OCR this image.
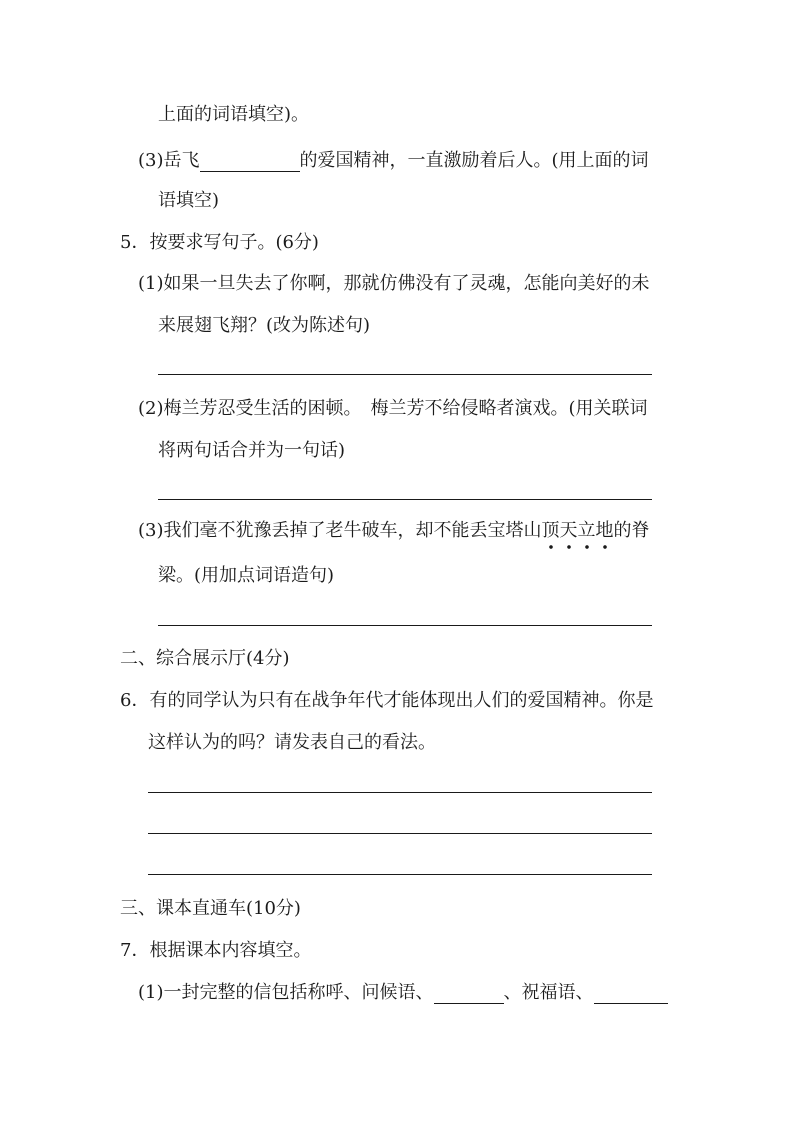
上面的词语填空)。
(3)岳飞	的爱国精神，一直激励着后人。(用上面的词
语填空)
5．按要求写句子。(6分)
(1)如果一旦失去了你啊，那就仿佛没有了灵魂，怎能向美好的未
来展翅飞翔？(改为陈述句)
(2)梅兰芳忍受生活的困顿。　梅兰芳不给侵略者演戏。(用关联词
将两句话合并为一句话)
(3)我们毫不犹豫丢掉了老牛破车，却不能丢宝塔山顶天立地的脊
梁。(用加点词语造句)
二、综合展示厅(4分)
6．有的同学认为只有在战争年代才能体现出人们的爱国精神。你是
这样认为的吗？请发表自己的看法。
三、课本直通车(10分)
7．根据课本内容填空。
(1)一封完整的信包括称呼、问候语、	、祝福语、
